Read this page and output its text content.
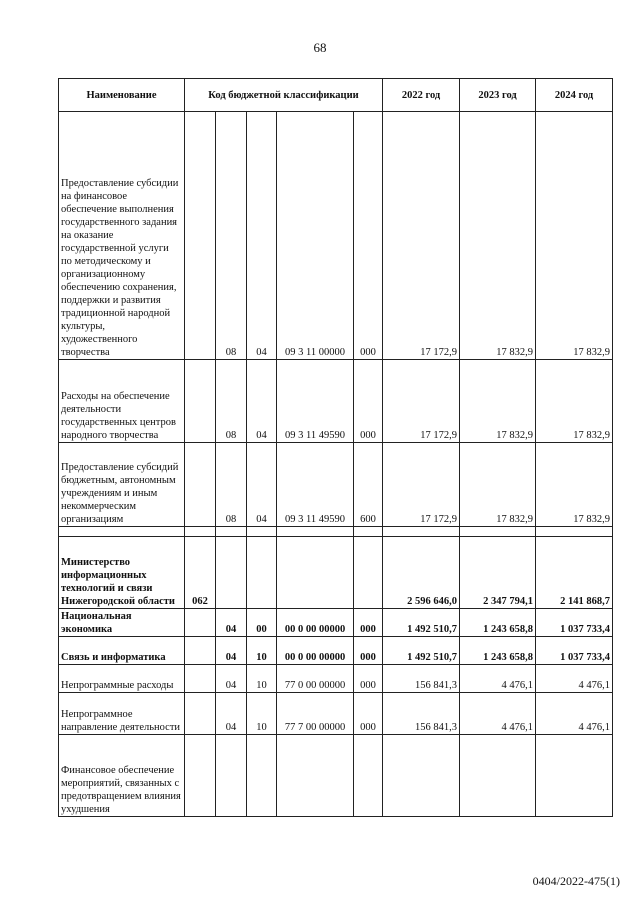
68
Наименование	Код бюджетной классификации					2022 год	2023 год	2024 год
Предоставление субсидии на финансовое обеспечение выполнения государственного задания на оказание государственной услуги по методическому и организационному обеспечению сохранения, поддержки и развития традиционной народной культуры, художественного творчества		08	04	09 3 11 00000	000	17 172,9	17 832,9	17 832,9
Расходы на обеспечение деятельности государственных центров народного творчества		08	04	09 3 11 49590	000	17 172,9	17 832,9	17 832,9
Предоставление субсидий бюджетным, автономным учреждениям и иным некоммерческим организациям		08	04	09 3 11 49590	600	17 172,9	17 832,9	17 832,9

Министерство информационных технологий и связи Нижегородской области	062					2 596 646,0	2 347 794,1	2 141 868,7
Национальная экономика		04	00	00 0 00 00000	000	1 492 510,7	1 243 658,8	1 037 733,4
Связь и информатика		04	10	00 0 00 00000	000	1 492 510,7	1 243 658,8	1 037 733,4
Непрограммные расходы		04	10	77 0 00 00000	000	156 841,3	4 476,1	4 476,1
Непрограммное направление деятельности		04	10	77 7 00 00000	000	156 841,3	4 476,1	4 476,1
Финансовое обеспечение мероприятий, связанных с предотвращением влияния ухудшения								
0404/2022-475(1)
